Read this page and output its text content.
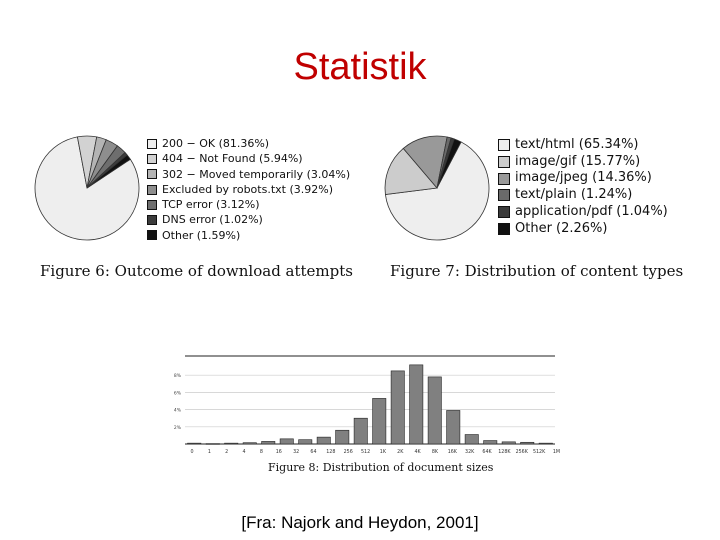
Statistik
200 − OK (81.36%)
404 − Not Found (5.94%)
302 − Moved temporarily (3.04%)
Excluded by robots.txt (3.92%)
TCP error (3.12%)
DNS error (1.02%)
Other (1.59%)
Figure 6: Outcome of download attempts
text/html (65.34%)
image/gif (15.77%)
image/jpeg (14.36%)
text/plain (1.24%)
application/pdf (1.04%)
Other (2.26%)
Figure 7: Distribution of content types
2%
4%
6%
8%
0	1	2	4	8	16 32 64 128 256 512 1K 2K 4K 8K 16K 32K 64K 128K 256K 512K 1M
Figure 8: Distribution of document sizes
[Fra: Najork and Heydon, 2001]
